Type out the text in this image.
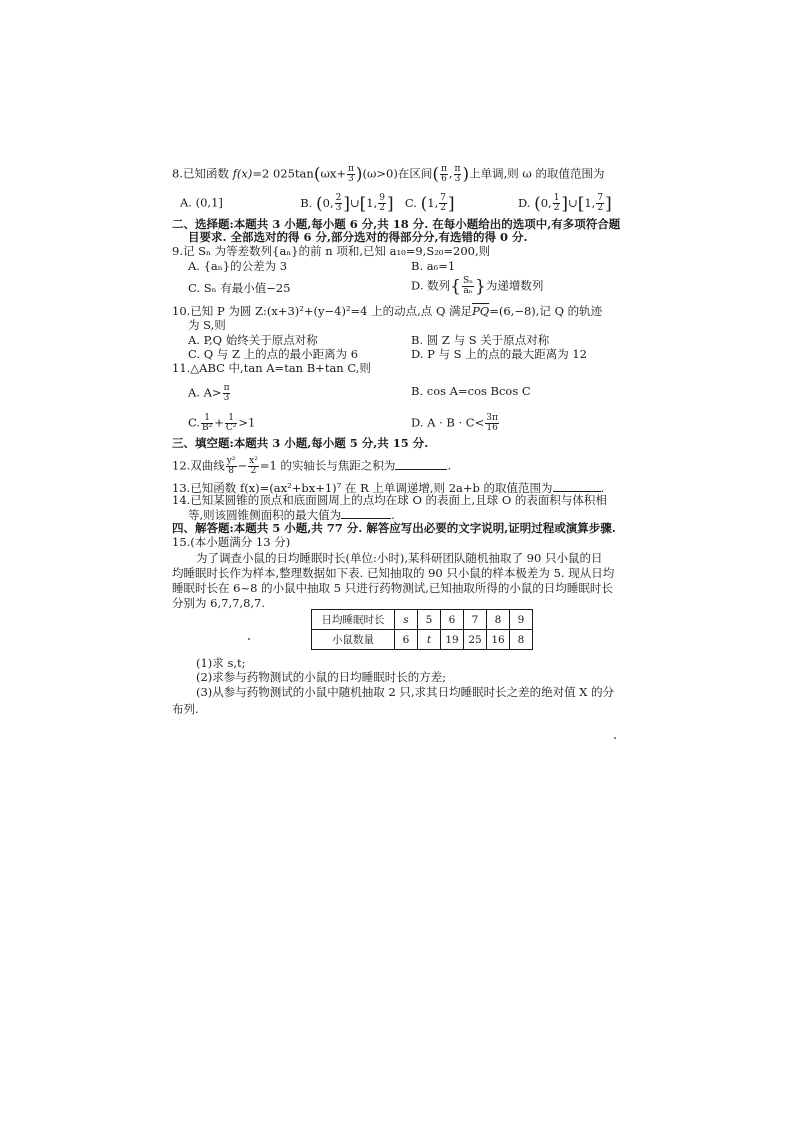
8.已知函数 f(x)=2 $025\tan(\omega x+ \frac{\pi}{3} )(\omega>0)$在区间( $\frac{\pi}{6}$ , $\frac{\pi}{3}$ )上单调,则 ω 的取值范围为
A. (0,1]	B. (0, $\frac{2}{3}$ ]∪[1, $\frac{9}{2}$ ] C. (1, $\frac{7}{2}$ ]	D. (0, $\frac{1}{2}$ ]∪[1, $\frac{7}{2}$ ]
二、选择题:本题共 3 小题,每小题 6 分,共 18 分. 在每小题给出的选项中,有多项符合题
目要求. 全部选对的得 6 分,部分选对的得部分分,有选错的得 0 分.
9.记 Sₙ 为等差数列{aₙ}的前 n 项和,已知 a₁₀=9,S₂₀=200,则
A. {aₙ}的公差为 3	B. a₆=1
C. Sₙ 有最小值−25	D. 数列{ $\frac{\text{Sₙ}}{\text{aₙ}}$ }为递增数列
10.已知 P 为圆 Z:(x+3)²+(y−4)²=4 上的动点,点 Q 满足$\overline{PQ}=(6,-8)$,记 Q 的轨迹
为 S,则
A. P,Q 始终关于原点对称	B. 圆 Z 与 S 关于原点对称
C. Q 与 Z 上的点的最小距离为 6	D. P 与 S 上的点的最大距离为 12
11.△ABC 中,tan A=tan B+tan C,则
A. $A> \frac{\pi}{3}$	B. cos A=cos Bcos C
C. $\frac{1}{\text{B²}} + \frac{1}{\text{C²}} >1$	D. $A \cdot B \cdot C< \frac{3\pi}{16}$
三、填空题:本题共 3 小题,每小题 5 分,共 15 分.
12.双曲线 $\frac{\text{y²}}{8} - \frac{\text{x²}}{2} =1$ 的实轴长与焦距之积为	.
13.已知函数 f(x)=(ax²+bx+1)⁷ 在 R 上单调递增,则 2a+b 的取值范围为	.
14.已知某圆锥的顶点和底面圆周上的点均在球 O 的表面上,且球 O 的表面积与体积相
等,则该圆锥侧面积的最大值为	.
四、解答题:本题共 5 小题,共 77 分. 解答应写出必要的文字说明,证明过程或演算步骤.
15.(本小题满分 13 分)
为了调查小鼠的日均睡眠时长(单位:小时),某科研团队随机抽取了 90 只小鼠的日
均睡眠时长作为样本,整理数据如下表. 已知抽取的 90 只小鼠的样本极差为 5. 现从日均
睡眠时长在 6~8 的小鼠中抽取 5 只进行药物测试,已知抽取所得的小鼠的日均睡眠时长
分别为 6,7,7,8,7.
日均睡眠时长	s	5	6	7	8	9
小鼠数量	6	t	19	25	16	8
(1)求 s,t;
(2)求参与药物测试的小鼠的日均睡眠时长的方差;
(3)从参与药物测试的小鼠中随机抽取 2 只,求其日均睡眠时长之差的绝对值 X 的分
布列.
